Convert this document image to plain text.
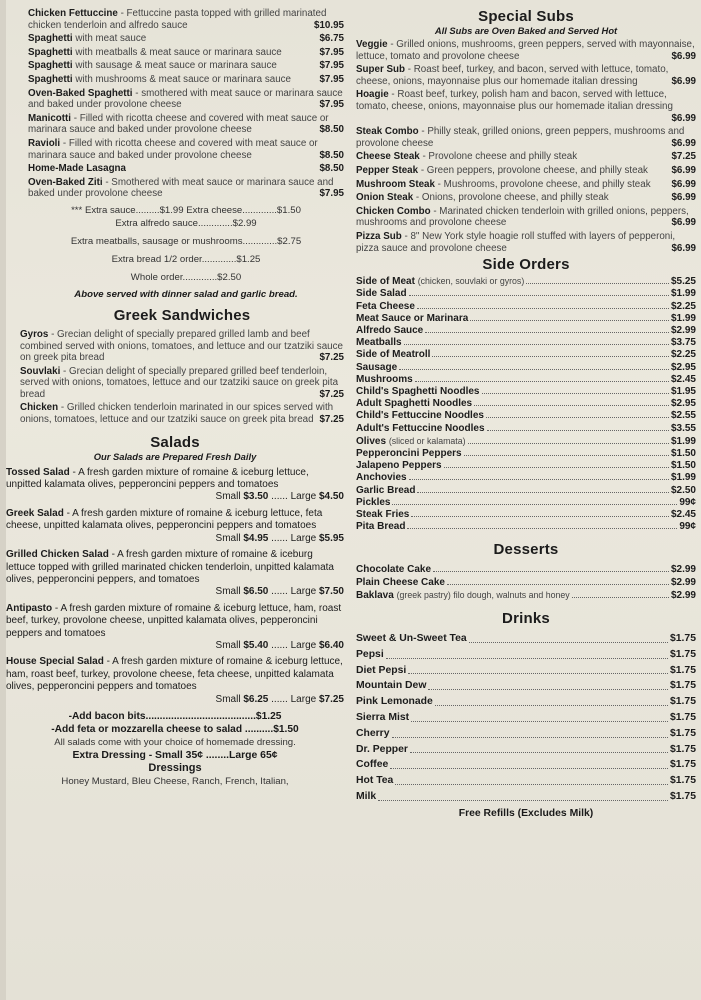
Chicken Fettuccine - Fettuccine pasta topped with grilled marinated chicken tenderloin and alfredo sauce	$10.95
Spaghetti with meat sauce	$6.75
Spaghetti with meatballs & meat sauce or marinara sauce	$7.95
Spaghetti with sausage & meat sauce or marinara sauce	$7.95
Spaghetti with mushrooms & meat sauce or marinara sauce	$7.95
Oven-Baked Spaghetti - smothered with meat sauce or marinara sauce and baked under provolone cheese	$7.95
Manicotti - Filled with ricotta cheese and covered with meat sauce or marinara sauce and baked under provolone cheese	$8.50
Ravioli - Filled with ricotta cheese and covered with meat sauce or marinara sauce and baked under provolone cheese	$8.50
Home-Made Lasagna	$8.50
Oven-Baked Ziti - Smothered with meat sauce or marinara sauce and baked under provolone cheese	$7.95
*** Extra sauce.........$1.99 Extra cheese.............$1.50
Extra alfredo sauce.............$2.99
Extra meatballs, sausage or mushrooms.............$2.75
Extra bread 1/2 order.............$1.25
Whole order.............$2.50
Above served with dinner salad and garlic bread.
Greek Sandwiches
Gyros - Grecian delight of specially prepared grilled lamb and beef combined served with onions, tomatoes, and lettuce and our tzatziki sauce on greek pita bread	$7.25
Souvlaki - Grecian delight of specially prepared grilled beef tenderloin, served with onions, tomatoes, lettuce and our tzatziki sauce on greek pita bread	$7.25
Chicken - Grilled chicken tenderloin marinated in our spices served with onions, tomatoes, lettuce and our tzatziki sauce on greek pita bread $7.25
Salads
Our Salads are Prepared Fresh Daily
Tossed Salad - A fresh garden mixture of romaine & iceburg lettuce, unpitted kalamata olives, pepperoncini peppers and tomatoes
Small $3.50 ...... Large $4.50
Greek Salad - A fresh garden mixture of romaine & iceburg lettuce, feta cheese, unpitted kalamata olives, pepperoncini peppers and tomatoes
Small $4.95 ...... Large $5.95
Grilled Chicken Salad - A fresh garden mixture of romaine & iceburg lettuce topped with grilled marinated chicken tenderloin, unpitted kalamata olives, pepperoncini peppers, and tomatoes
Small $6.50 ...... Large $7.50
Antipasto - A fresh garden mixture of romaine & iceburg lettuce, ham, roast beef, turkey, provolone cheese, unpitted kalamata olives, pepperoncini peppers and tomatoes
Small $5.40 ...... Large $6.40
House Special Salad - A fresh garden mixture of romaine & iceburg lettuce, ham, roast beef, turkey, provolone cheese, feta cheese, unpitted kalamata olives, pepperoncini peppers and tomatoes
Small $6.25 ...... Large $7.25
-Add bacon bits.......................................$1.25
-Add feta or mozzarella cheese to salad ..........$1.50
All salads come with your choice of homemade dressing.
Extra Dressing - Small 35¢ ........Large 65¢
Dressings
Honey Mustard, Bleu Cheese, Ranch, French, Italian,
Special Subs
All Subs are Oven Baked and Served Hot
Veggie - Grilled onions, mushrooms, green peppers, served with mayonnaise, lettuce, tomato and provolone cheese	$6.99
Super Sub - Roast beef, turkey, and bacon, served with lettuce, tomato, cheese, onions, mayonnaise plus our homemade italian dressing	$6.99
Hoagie - Roast beef, turkey, polish ham and bacon, served with lettuce, tomato, cheese, onions, mayonnaise plus our homemade italian dressing
$6.99
Steak Combo - Philly steak, grilled onions, green peppers, mushrooms and provolone cheese	$6.99
Cheese Steak - Provolone cheese and philly steak	$7.25
Pepper Steak - Green peppers, provolone cheese, and philly steak $6.99
Mushroom Steak - Mushrooms, provolone cheese, and philly steak $6.99
Onion Steak - Onions, provolone cheese, and philly steak	$6.99
Chicken Combo - Marinated chicken tenderloin with grilled onions, peppers, mushrooms and provolone cheese	$6.99
Pizza Sub - 8" New York style hoagie roll stuffed with layers of pepperoni, pizza sauce and provolone cheese	$6.99
Side Orders
Side of Meat (chicken, souvlaki or gyros)	$5.25
Side Salad	$1.99
Feta Cheese	$2.25
Meat Sauce or Marinara	$1.99
Alfredo Sauce	$2.99
Meatballs	$3.75
Side of Meatroll	$2.25
Sausage	$2.95
Mushrooms	$2.45
Child's Spaghetti Noodles	$1.95
Adult Spaghetti Noodles	$2.95
Child's Fettuccine Noodles	$2.55
Adult's Fettuccine Noodles	$3.55
Olives (sliced or kalamata)	$1.99
Pepperoncini Peppers	$1.50
Jalapeno Peppers	$1.50
Anchovies	$1.99
Garlic Bread	$2.50
Pickles	99¢
Steak Fries	$2.45
Pita Bread	99¢
Desserts
Chocolate Cake	$2.99
Plain Cheese Cake	$2.99
Baklava (greek pastry) filo dough, walnuts and honey	$2.99
Drinks
Sweet & Un-Sweet Tea	$1.75
Pepsi	$1.75
Diet Pepsi	$1.75
Mountain Dew	$1.75
Pink Lemonade	$1.75
Sierra Mist	$1.75
Cherry	$1.75
Dr. Pepper	$1.75
Coffee	$1.75
Hot Tea	$1.75
Milk	$1.75
Free Refills (Excludes Milk)
